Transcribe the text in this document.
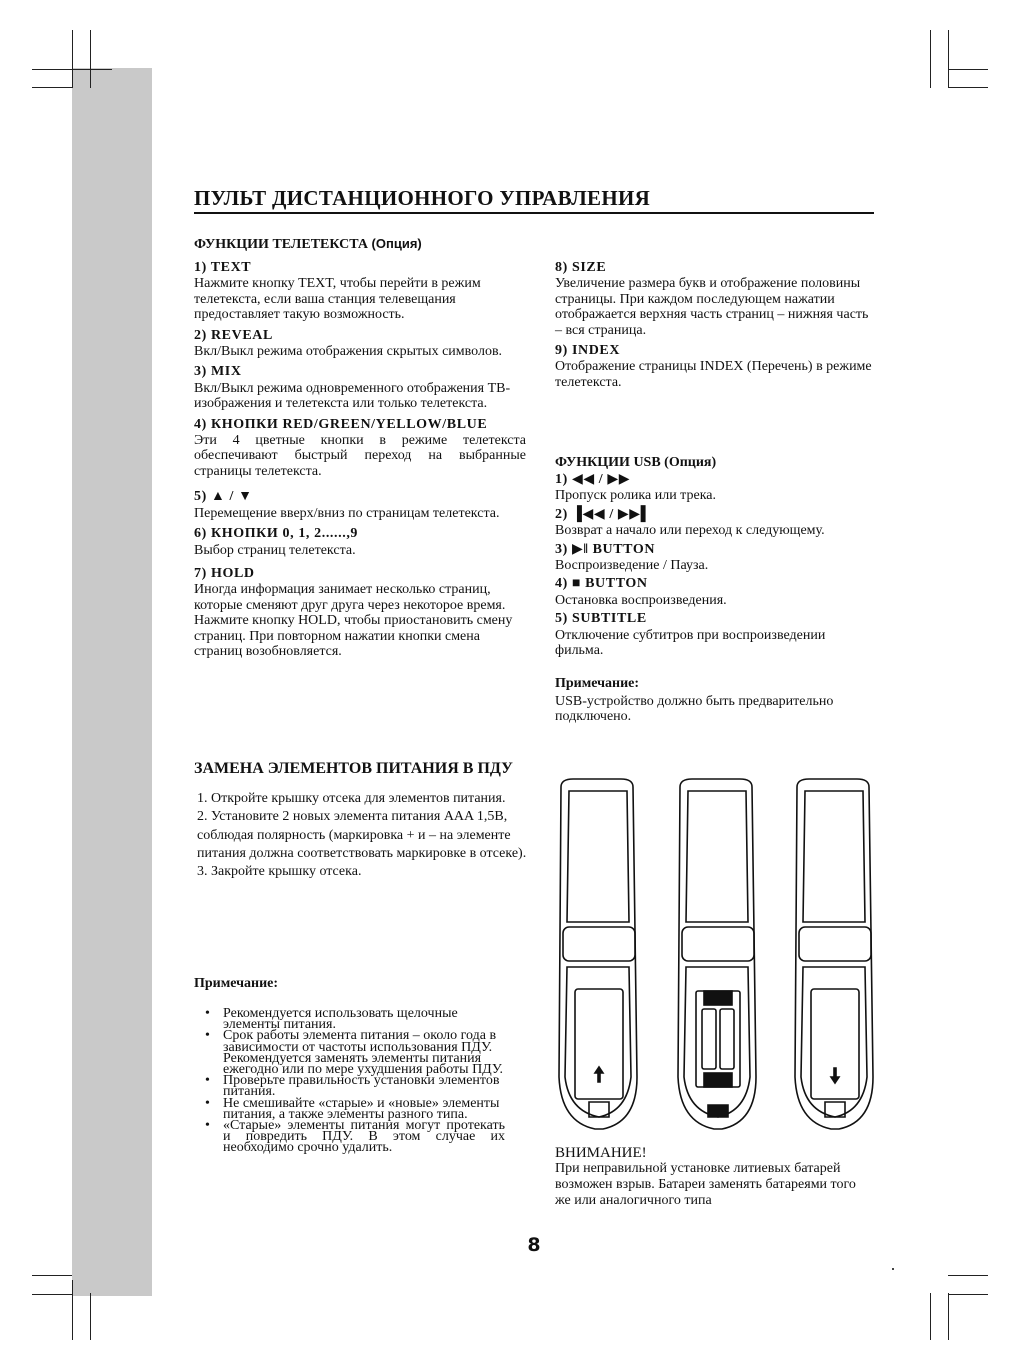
ПУЛЬТ ДИСТАНЦИОННОГО УПРАВЛЕНИЯ
ФУНКЦИИ ТЕЛЕТЕКСТА (Опция)
1) TEXT

Нажмите кнопку TEXT, чтобы перейти в режим телетекста, если ваша станция телевещания предоставляет такую возможность.

2) REVEAL

Вкл/Выкл режима отображения скрытых символов.

3) MIX

Вкл/Выкл режима одновременного отображения ТВ-изображения и телетекста или только телетекста.

4) КНОПКИ RED/GREEN/YELLOW/BLUE

Эти 4 цветные кнопки в режиме телетекста обеспечивают быстрый переход на выбранные страницы телетекста.

5) ▲ / ▼

Перемещение вверх/вниз по страницам телетекста.

6) КНОПКИ 0, 1, 2......,9

Выбор страниц телетекста.

7) HOLD

Иногда информация занимает несколько страниц, которые сменяют друг друга через некоторое время. Нажмите кнопку HOLD, чтобы приостановить смену страниц. При повторном нажатии кнопки смена страниц возобновляется.

8) SIZE

Увеличение размера букв и отображение половины страницы. При каждом последующем нажатии отображается верхняя часть страниц – нижняя часть – вся страница.

9) INDEX

Отображение страницы INDEX (Перечень) в режиме телетекста.

ФУНКЦИИ USB (Опция)
1) ◀◀ / ▶▶

Пропуск ролика или трека.

2) ▐◀◀ / ▶▶▌

Возврат а начало или переход к следующему.

3) ▶ǁ BUTTON

Воспроизведение / Пауза.

4) ■ BUTTON

Остановка воспроизведения.

5) SUBTITLE

Отключение субтитров при воспроизведении фильма.

Примечание:

USB-устройство должно быть предварительно подключено.

ЗАМЕНА ЭЛЕМЕНТОВ ПИТАНИЯ В ПДУ

1. Откройте крышку отсека для элементов питания.

2. Установите 2 новых элемента питания AAA 1,5B, соблюдая полярность (маркировка + и – на элементе питания должна соответствовать маркировке в отсеке).

3. Закройте крышку отсека.

Примечание:
• Рекомендуется использовать щелочные элементы питания.
• Срок работы элемента питания – около года в зависимости от частоты использования ПДУ. Рекомендуется заменять элементы питания ежегодно или по мере ухудшения работы ПДУ.
• Проверьте правильность установки элементов питания.
• Не смешивайте «старые» и «новые» элементы питания, а также элементы разного типа.
• «Старые» элементы питания могут протекать и повредить ПДУ. В этом случае их необходимо срочно удалить.	ВНИМАНИЕ!

При неправильной установке литиевых батарей возможен взрыв. Батареи заменять батареями того же или аналогичного типа

8
